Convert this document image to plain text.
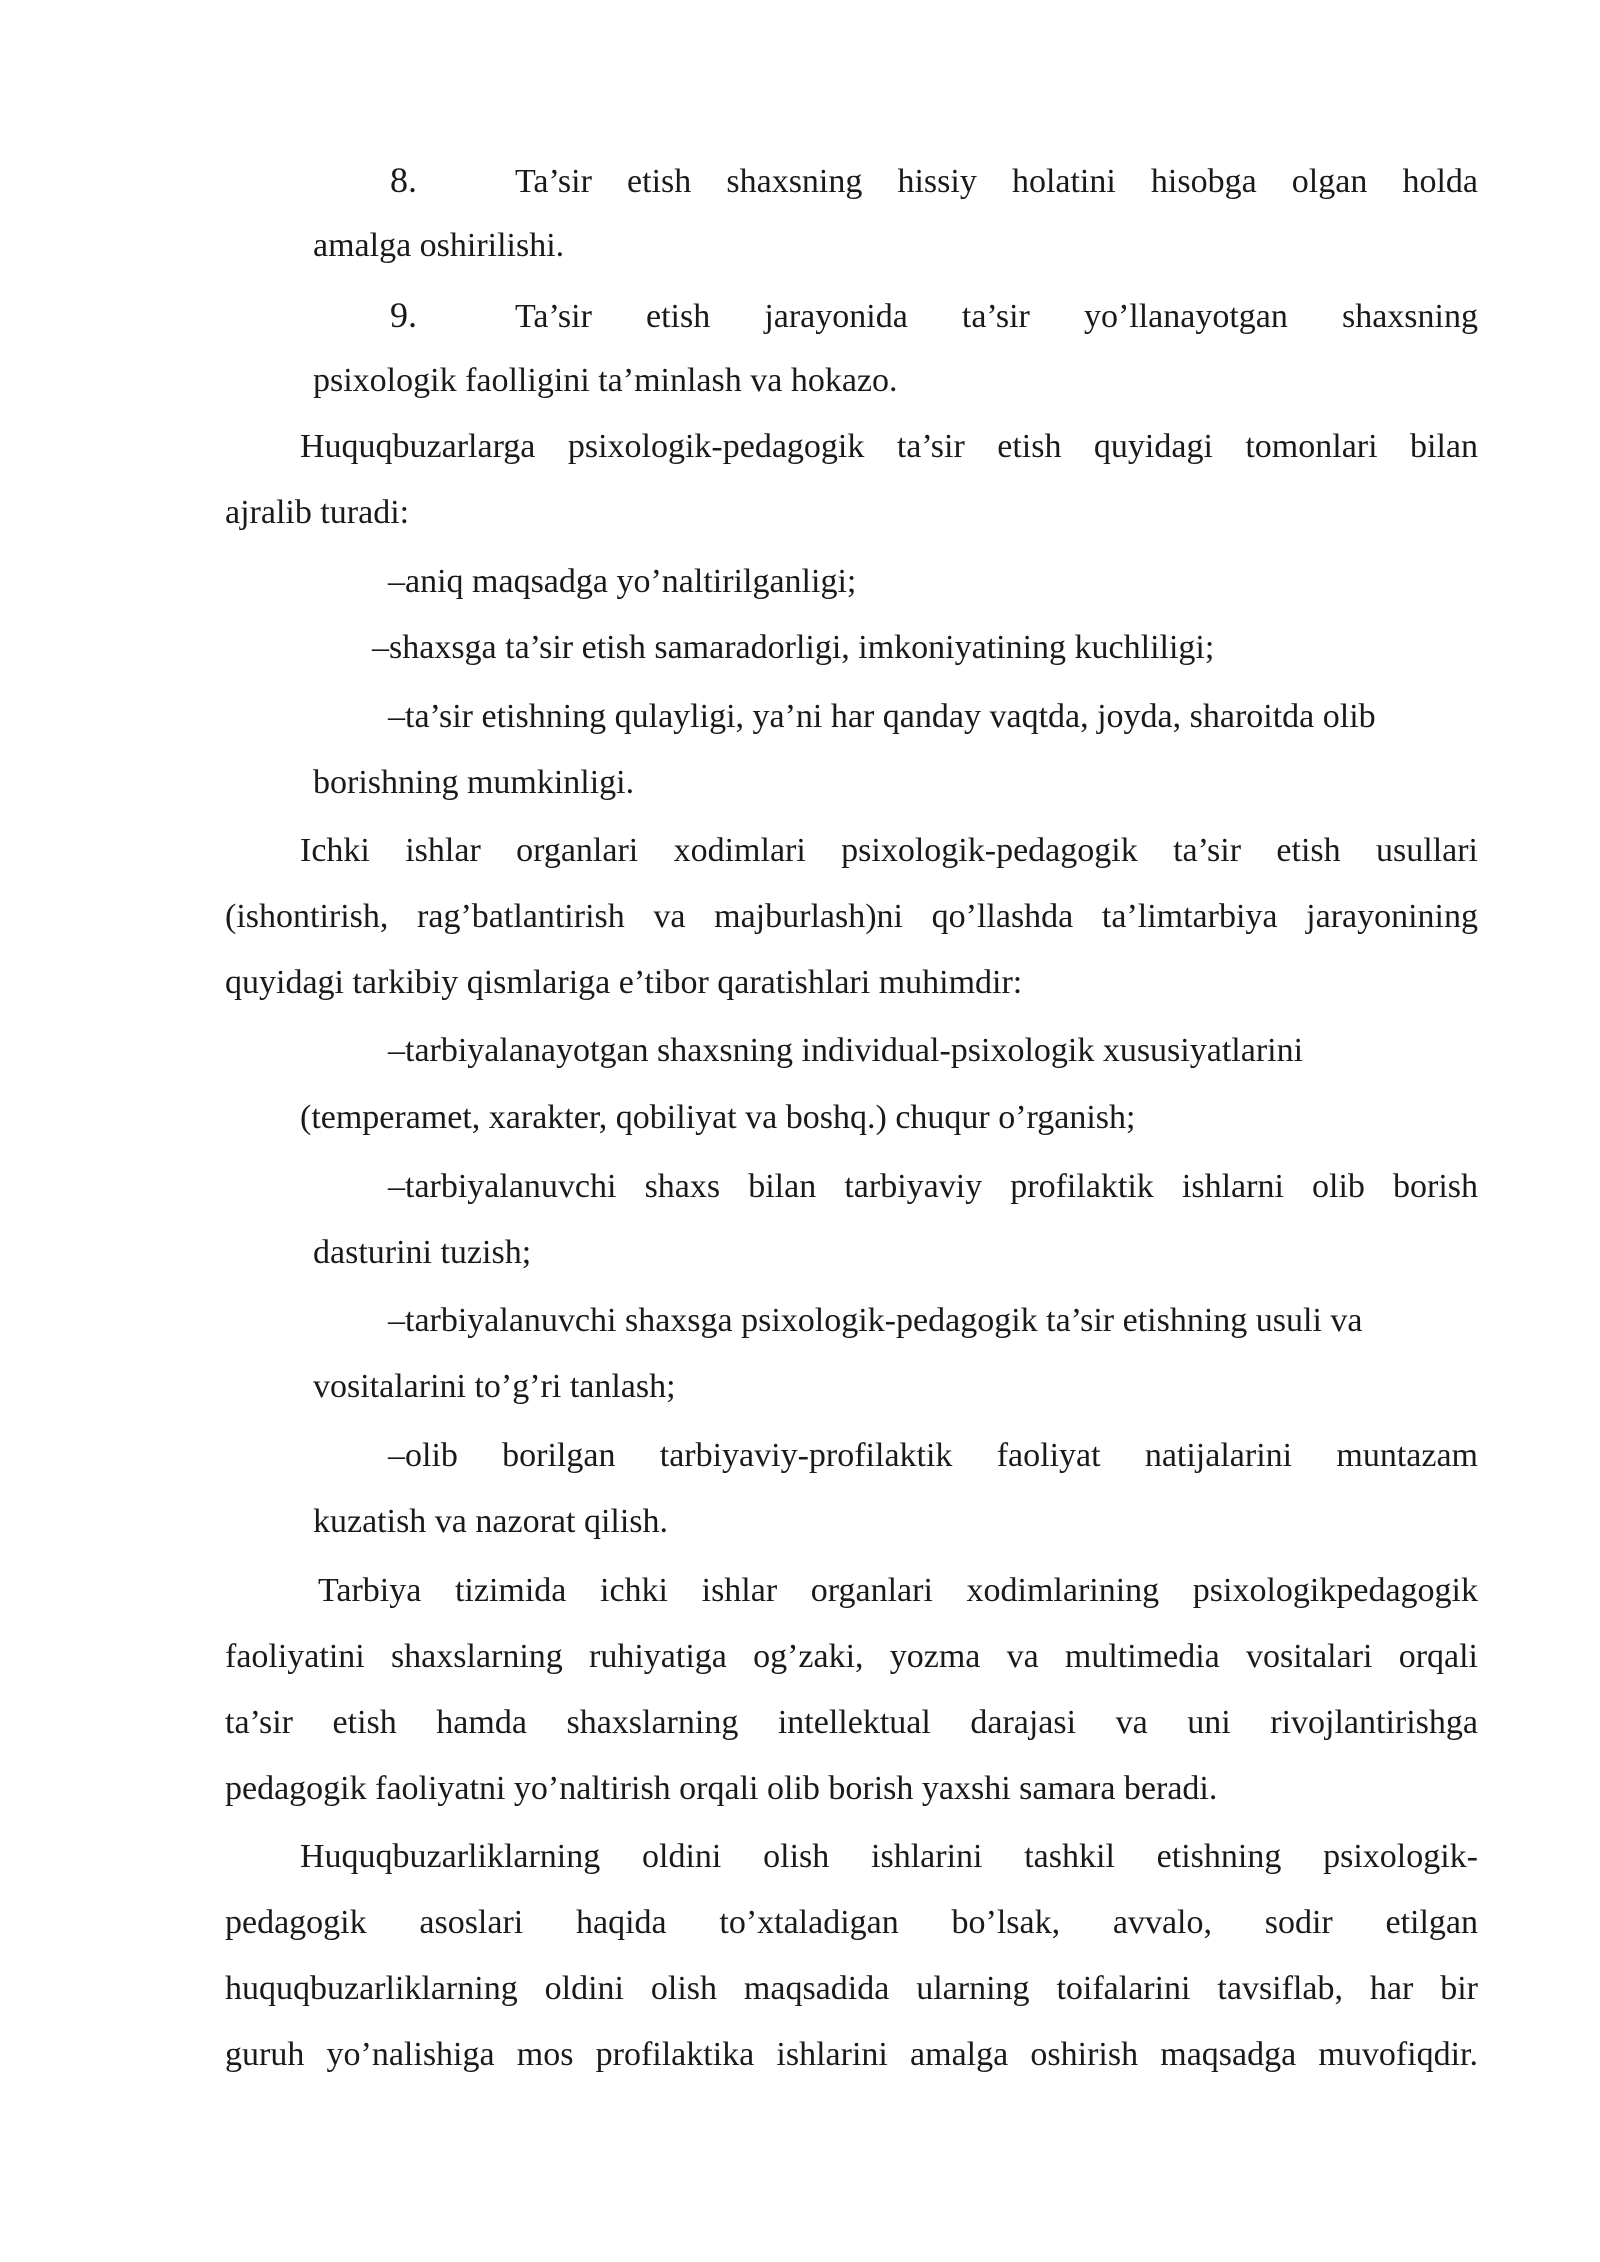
8.	Ta’sir etish shaxsning hissiy holatini hisobga olgan holda
amalga oshirilishi.
9.	Ta’sir etish jarayonida ta’sir yo’llanayotgan shaxsning
psixologik faolligini ta’minlash va hokazo.
Huquqbuzarlarga psixologik-pedagogik ta’sir etish quyidagi tomonlari bilan
ajralib turadi:
–aniq maqsadga yo’naltirilganligi;
–shaxsga ta’sir etish samaradorligi, imkoniyatining kuchliligi;
–ta’sir etishning qulayligi, ya’ni har qanday vaqtda, joyda, sharoitda olib
borishning mumkinligi.
Ichki ishlar organlari xodimlari psixologik-pedagogik ta’sir etish usullari
(ishontirish, rag’batlantirish va majburlash)ni qo’llashda ta’limtarbiya jarayonining
quyidagi tarkibiy qismlariga e’tibor qaratishlari muhimdir:
–tarbiyalanayotgan shaxsning individual-psixologik xususiyatlarini
(temperamet, xarakter, qobiliyat va boshq.) chuqur o’rganish;
–tarbiyalanuvchi shaxs bilan tarbiyaviy profilaktik ishlarni olib borish
dasturini tuzish;
–tarbiyalanuvchi shaxsga psixologik-pedagogik ta’sir etishning usuli va
vositalarini to’g’ri tanlash;
–olib borilgan tarbiyaviy-profilaktik faoliyat natijalarini muntazam
kuzatish va nazorat qilish.
Tarbiya tizimida ichki ishlar organlari xodimlarining psixologikpedagogik
faoliyatini shaxslarning ruhiyatiga og’zaki, yozma va multimedia vositalari orqali
ta’sir etish hamda shaxslarning intellektual darajasi va uni rivojlantirishga
pedagogik faoliyatni yo’naltirish orqali olib borish yaxshi samara beradi.
Huquqbuzarliklarning oldini olish ishlarini tashkil etishning psixologik-
pedagogik asoslari haqida to’xtaladigan bo’lsak, avvalo, sodir etilgan
huquqbuzarliklarning oldini olish maqsadida ularning toifalarini tavsiflab, har bir
guruh yo’nalishiga mos profilaktika ishlarini amalga oshirish maqsadga muvofiqdir.
